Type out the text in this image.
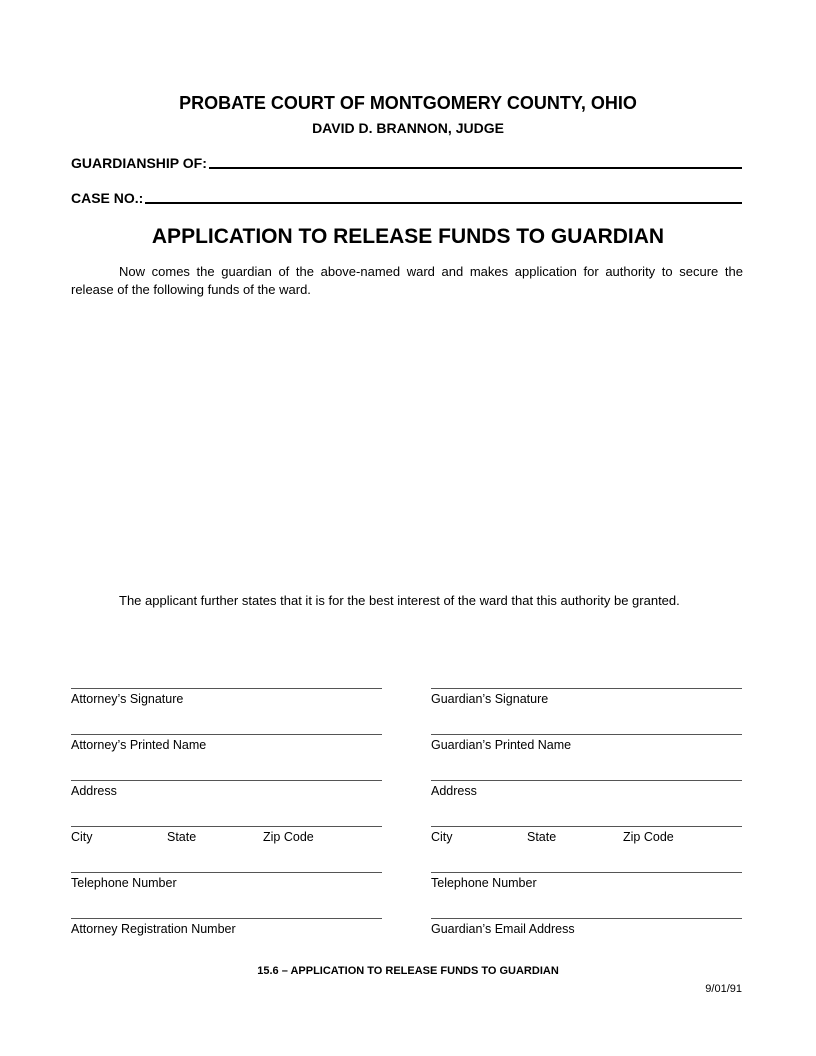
PROBATE COURT OF MONTGOMERY COUNTY, OHIO
DAVID D. BRANNON, JUDGE
GUARDIANSHIP OF:
CASE NO.:
APPLICATION TO RELEASE FUNDS TO GUARDIAN
Now comes the guardian of the above-named ward and makes application for authority to secure the release of the following funds of the ward.
The applicant further states that it is for the best interest of the ward that this authority be granted.
Attorney’s Signature
Attorney’s Printed Name
Address
City	State	Zip Code
Telephone Number
Attorney Registration Number
Guardian’s Signature
Guardian’s Printed Name
Address
City	State	Zip Code
Telephone Number
Guardian’s Email Address
15.6 – APPLICATION TO RELEASE FUNDS TO GUARDIAN
9/01/91
